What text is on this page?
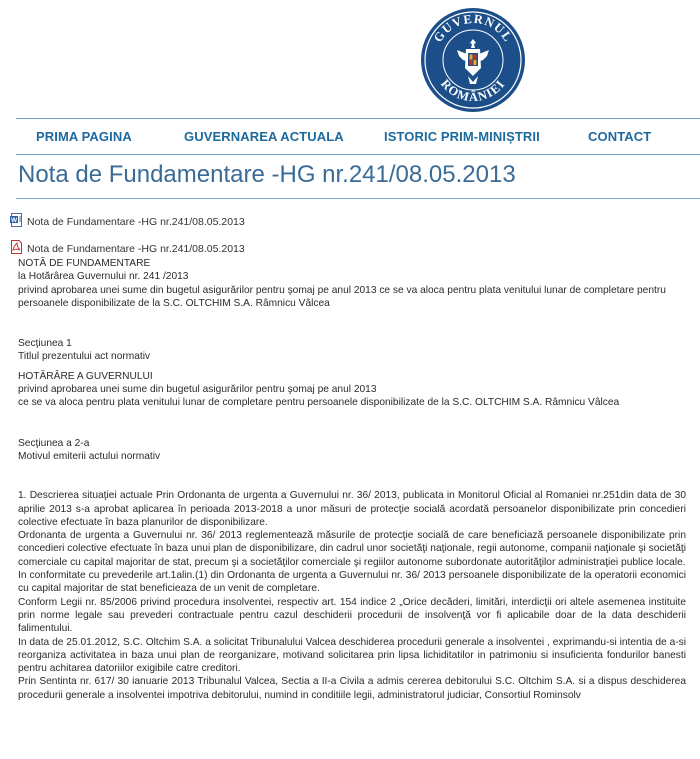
GUVERNUL
ROMÂNIEI
PRIMA PAGINA	GUVERNAREA ACTUALA	ISTORIC PRIM-MINIȘTRII	CONTACT
Nota de Fundamentare -HG nr.241/08.05.2013
W Nota de Fundamentare -HG nr.241/08.05.2013
Nota de Fundamentare -HG nr.241/08.05.2013

NOTĂ DE FUNDAMENTARE

la Hotărârea Guvernului nr. 241 /2013

privind aprobarea unei sume din bugetul asigurărilor pentru şomaj pe anul 2013 ce se va aloca pentru plata venitului lunar de completare pentru persoanele disponibilizate de la S.C. OLTCHIM S.A. Râmnicu Vâlcea

Secţiunea 1

Titlul prezentului act normativ

HOTĂRÂRE A GUVERNULUI

privind aprobarea unei sume din bugetul asigurărilor pentru şomaj pe anul 2013

ce se va aloca pentru plata venitului lunar de completare pentru persoanele disponibilizate de la S.C. OLTCHIM S.A. Râmnicu Vâlcea

Secţiunea a 2-a

Motivul emiterii actului normativ

1. Descrierea situaţiei actuale Prin Ordonanta de urgenta a Guvernului nr. 36/ 2013, publicata in Monitorul Oficial al Romaniei nr.251din data de 30 aprilie 2013 s-a aprobat aplicarea în perioada 2013-2018 a unor măsuri de protecţie socială acordată persoanelor disponibilizate prin concedieri colective efectuate în baza planurilor de disponibilizare.

Ordonanta de urgenta a Guvernului nr. 36/ 2013 reglementează măsurile de protecţie socială de care beneficiază persoanele disponibilizate prin concedieri colective efectuate în baza unui plan de disponibilizare, din cadrul unor societăţi naţionale, regii autonome, companii naţionale şi societăţi comerciale cu capital majoritar de stat, precum şi a societăţilor comerciale şi regiilor autonome subordonate autorităţilor administraţiei publice locale.

In conformitate cu prevederile art.1alin.(1) din Ordonanta de urgenta a Guvernului nr. 36/ 2013 persoanele disponibilizate de la operatorii economici cu capital majoritar de stat beneficieaza de un venit de completare.

Conform Legii nr. 85/2006 privind procedura insolventei, respectiv art. 154 indice 2 „Orice decăderi, limitări, interdicţii ori altele asemenea instituite prin norme legale sau prevederi contractuale pentru cazul deschiderii procedurii de insolvenţă vor fi aplicabile doar de la data deschiderii falimentului.

In data de 25.01.2012, S.C. Oltchim S.A. a solicitat Tribunalului Valcea deschiderea procedurii generale a insolventei , exprimandu-si intentia de a-si reorganiza activitatea in baza unui plan de reorganizare, motivand solicitarea prin lipsa lichiditatilor in patrimoniu si insuficienta fondurilor banesti pentru achitarea datoriilor exigibile catre creditori.

Prin Sentinta nr. 617/ 30 ianuarie 2013 Tribunalul Valcea, Sectia a II-a Civila a admis cererea debitorului S.C. Oltchim S.A. si a dispus deschiderea procedurii generale a insolventei impotriva debitorului, numind in conditiile legii, administratorul judiciar, Consortiul Rominsolv
